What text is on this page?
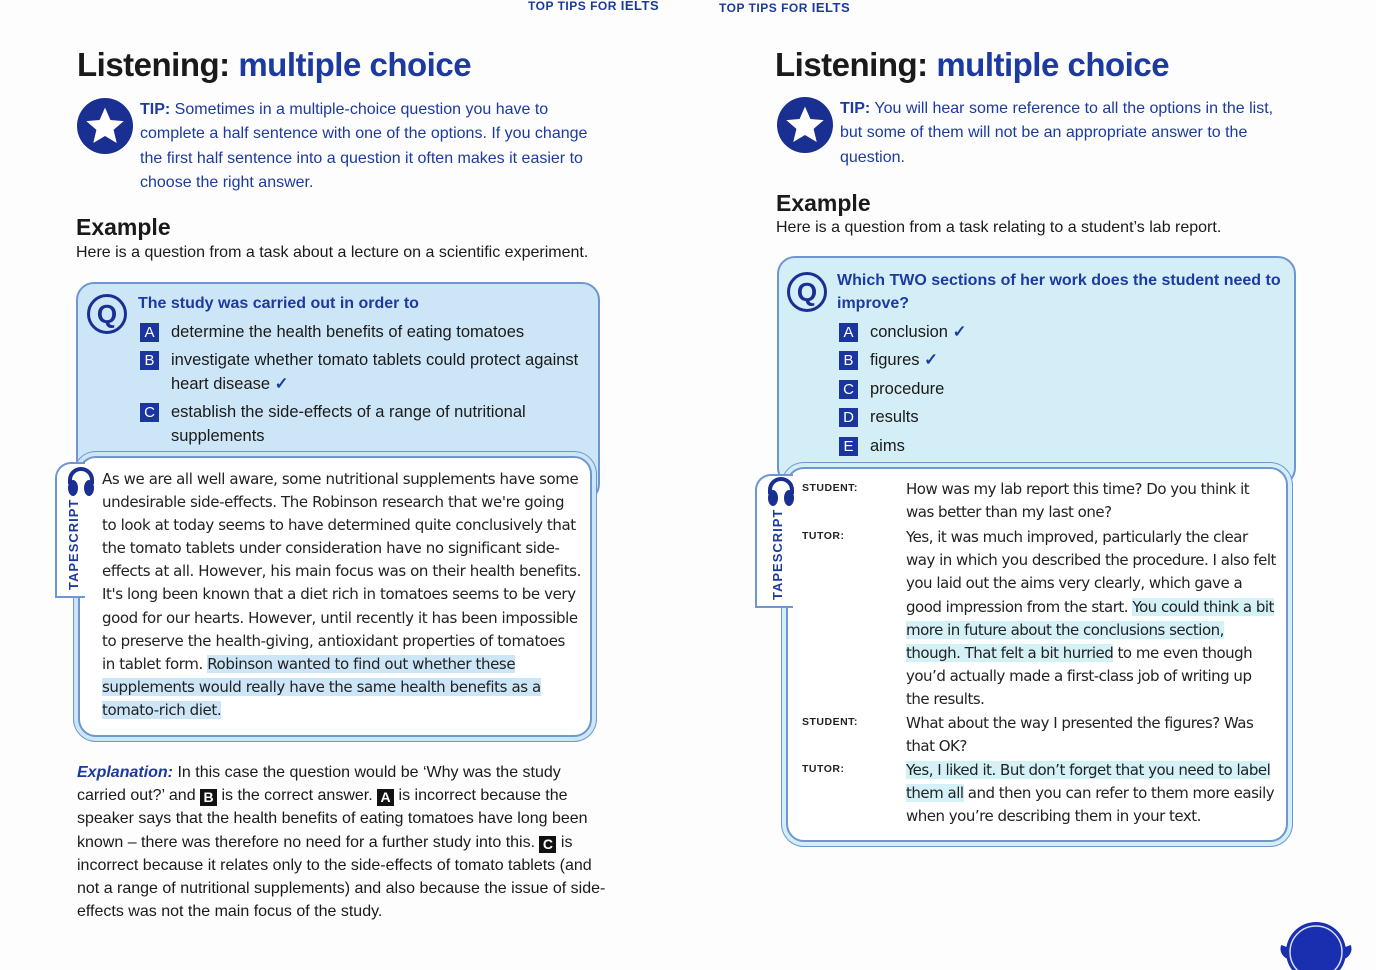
TOP TIPS FOR IELTS
Listening: multiple choice
TIP: Sometimes in a multiple-choice question you have to complete a half sentence with one of the options. If you change the first half sentence into a question it often makes it easier to choose the right answer.
Example
Here is a question from a task about a lecture on a scientific experiment.
Q	The study was carried out in order to
A determine the health benefits of eating tomatoes
B investigate whether tomato tablets could protect against heart disease ✓
C establish the side-effects of a range of nutritional supplements
TAPESCRIPT
As we are all well aware, some nutritional supplements have some undesirable side-effects. The Robinson research that we're going to look at today seems to have determined quite conclusively that the tomato tablets under consideration have no significant side-effects at all. However, his main focus was on their health benefits. It's long been known that a diet rich in tomatoes seems to be very good for our hearts. However, until recently it has been impossible to preserve the health-giving, antioxidant properties of tomatoes in tablet form. Robinson wanted to find out whether these supplements would really have the same health benefits as a tomato-rich diet.
Explanation: In this case the question would be ‘Why was the study carried out?’ and B is the correct answer. A is incorrect because the speaker says that the health benefits of eating tomatoes have long been known – there was therefore no need for a further study into this. C is incorrect because it relates only to the side-effects of tomato tablets (and not a range of nutritional supplements) and also because the issue of side-effects was not the main focus of the study.
TOP TIPS FOR IELTS
Listening: multiple choice
TIP: You will hear some reference to all the options in the list, but some of them will not be an appropriate answer to the question.
Example
Here is a question from a task relating to a student’s lab report.
Q	Which TWO sections of her work does the student need to improve?
A conclusion
✓
B figures
✓
C procedure
D results
E aims
TAPESCRIPT
STUDENT:	How was my lab report this time? Do you think it was better than my last one?
TUTOR:	Yes, it was much improved, particularly the clear way in which you described the procedure. I also felt you laid out the aims very clearly, which gave a good impression from the start. You could think a bit more in future about the conclusions section, though. That felt a bit hurried to me even though you’d actually made a first-class job of writing up the results.
STUDENT:	What about the way I presented the figures? Was that OK?
TUTOR:	Yes, I liked it. But don’t forget that you need to label them all and then you can refer to them more easily when you’re describing them in your text.
